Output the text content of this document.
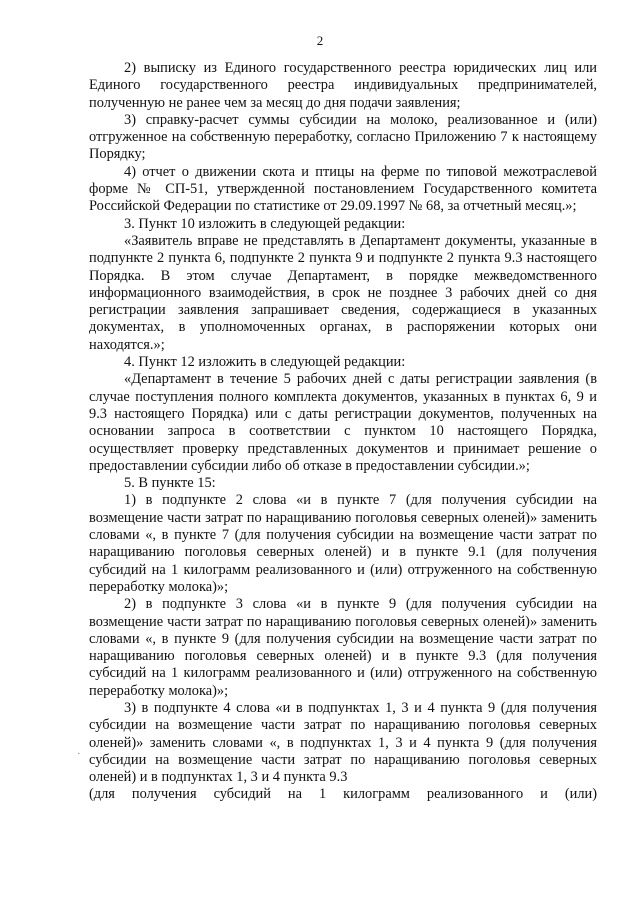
2
·

2) выписку из Единого государственного реестра юридических лиц или Единого государственного реестра индивидуальных предпринимателей, полученную не ранее чем за месяц до дня подачи заявления;

3) справку-расчет суммы субсидии на молоко, реализованное и (или) отгруженное на собственную переработку, согласно Приложению 7 к настоящему Порядку;

4) отчет о движении скота и птицы на ферме по типовой межотраслевой форме № СП-51, утвержденной постановлением Государственного комитета Российской Федерации по статистике от 29.09.1997 № 68, за отчетный месяц.»;

3. Пункт 10 изложить в следующей редакции:

«Заявитель вправе не представлять в Департамент документы, указанные в подпункте 2 пункта 6, подпункте 2 пункта 9 и подпункте 2 пункта 9.3 настоящего Порядка. В этом случае Департамент, в порядке межведомственного информационного взаимодействия, в срок не позднее 3 рабочих дней со дня регистрации заявления запрашивает сведения, содержащиеся в указанных документах, в уполномоченных органах, в распоряжении которых они находятся.»;

4. Пункт 12 изложить в следующей редакции:

«Департамент в течение 5 рабочих дней с даты регистрации заявления (в случае поступления полного комплекта документов, указанных в пунктах 6, 9 и 9.3 настоящего Порядка) или с даты регистрации документов, полученных на основании запроса в соответствии с пунктом 10 настоящего Порядка, осуществляет проверку представленных документов и принимает решение о предоставлении субсидии либо об отказе в предоставлении субсидии.»;

5. В пункте 15:

1) в подпункте 2 слова «и в пункте 7 (для получения субсидии на возмещение части затрат по наращиванию поголовья северных оленей)» заменить словами «, в пункте 7 (для получения субсидии на возмещение части затрат по наращиванию поголовья северных оленей) и в пункте 9.1 (для получения субсидий на 1 килограмм реализованного и (или) отгруженного на собственную переработку молока)»;

2) в подпункте 3 слова «и в пункте 9 (для получения субсидии на возмещение части затрат по наращиванию поголовья северных оленей)» заменить словами «, в пункте 9 (для получения субсидии на возмещение части затрат по наращиванию поголовья северных оленей) и в пункте 9.3 (для получения субсидий на 1 килограмм реализованного и (или) отгруженного на собственную переработку молока)»;

3) в подпункте 4 слова «и в подпунктах 1, 3 и 4 пункта 9 (для получения субсидии на возмещение части затрат по наращиванию поголовья северных оленей)» заменить словами «, в подпунктах 1, 3 и 4 пункта 9 (для получения субсидии на возмещение части затрат по наращиванию поголовья северных оленей) и в подпунктах 1, 3 и 4 пункта 9.3

(для получения субсидий на 1 килограмм реализованного и (или)
